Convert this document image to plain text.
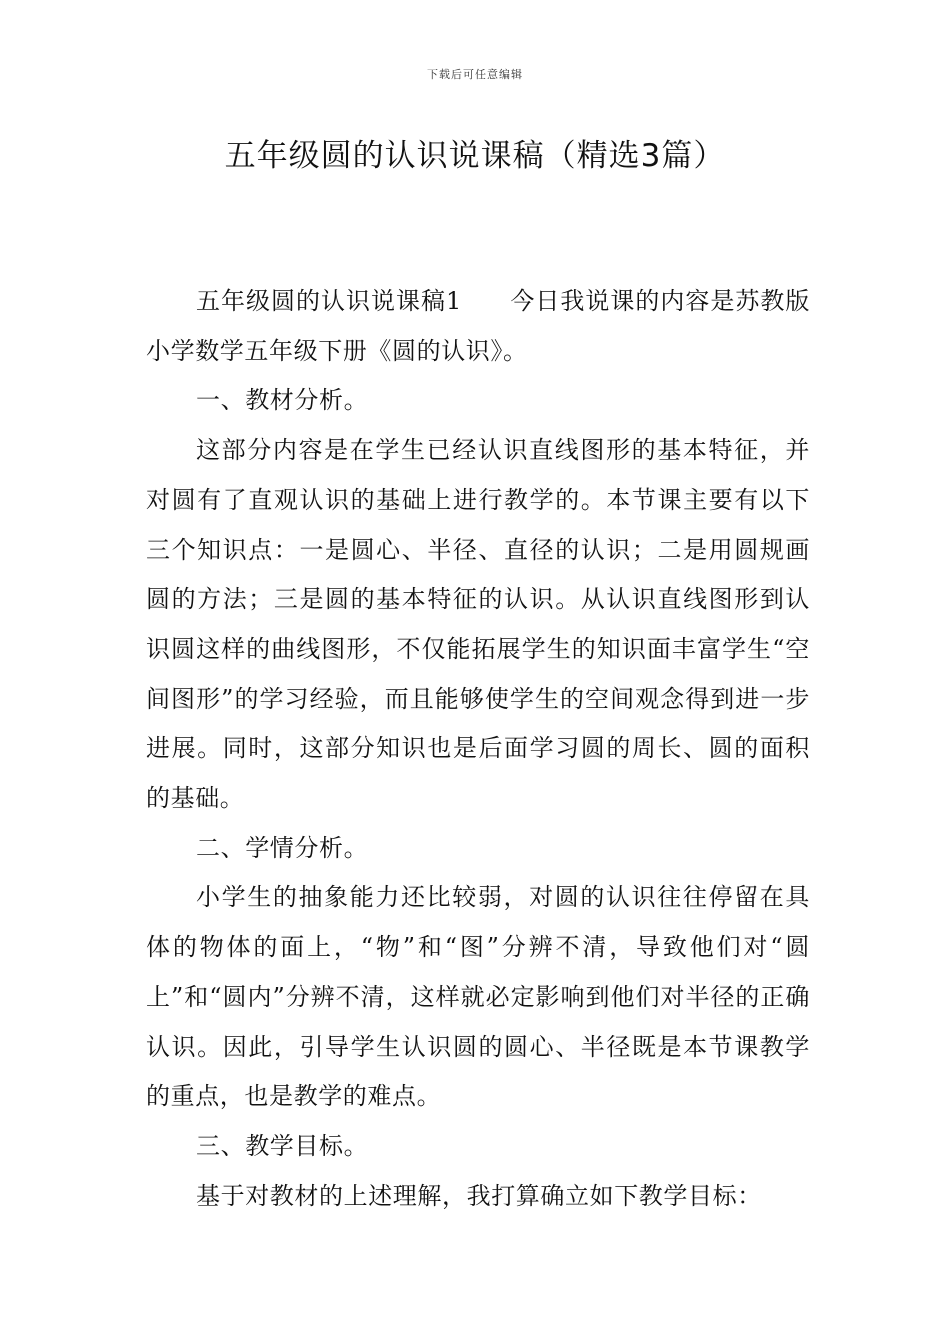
下载后可任意编辑
五年级圆的认识说课稿（精选3篇）

五年级圆的认识说课稿1 今日我说课的内容是苏教版小学数学五年级下册《圆的认识》。

一、教材分析。

这部分内容是在学生已经认识直线图形的基本特征，并对圆有了直观认识的基础上进行教学的。本节课主要有以下三个知识点：一是圆心、半径、直径的认识；二是用圆规画圆的方法；三是圆的基本特征的认识。从认识直线图形到认识圆这样的曲线图形，不仅能拓展学生的知识面丰富学生“空间图形”的学习经验，而且能够使学生的空间观念得到进一步进展。同时，这部分知识也是后面学习圆的周长、圆的面积的基础。

二、学情分析。

小学生的抽象能力还比较弱，对圆的认识往往停留在具体的物体的面上，“物”和“图”分辨不清，导致他们对“圆上”和“圆内”分辨不清，这样就必定影响到他们对半径的正确认识。因此，引导学生认识圆的圆心、半径既是本节课教学的重点，也是教学的难点。

三、教学目标。

基于对教材的上述理解，我打算确立如下教学目标：
